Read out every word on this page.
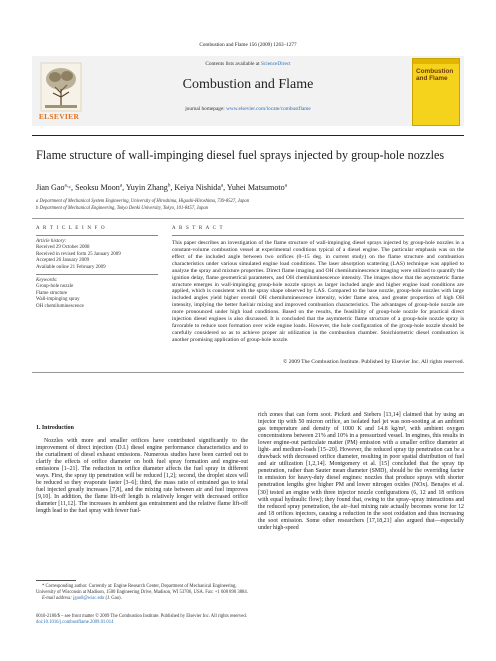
Combustion and Flame 156 (2009) 1263–1277
ELSEVIER
Contents lists available at ScienceDirect
Combustion and Flame
journal homepage: www.elsevier.com/locate/combustflame
Combustion and Flame
Flame structure of wall-impinging diesel fuel sprays injected by group-hole nozzles
Jian Gao$^{a,}$*, Seoksu Moon$^a$, Yuyin Zhang$^b$, Keiya Nishida$^a$, Yuhei Matsumoto$^a$
a Department of Mechanical System Engineering, University of Hiroshima, Higashi-Hiroshima, 739-8527, Japan
b Department of Mechanical Engineering, Tokyo Denki University, Tokyo, 101-8457, Japan
A R T I C L E I N F O	A B S T R A C T
Article history:
Received 29 October 2008
Received in revised form 25 January 2009
Accepted 26 January 2009
Available online 21 February 2009
Keywords:
Group-hole nozzle
Flame structure
Wall-impinging spray
OH chemiluminescence
This paper describes an investigation of the flame structure of wall-impinging diesel sprays injected by group-hole nozzles in a constant-volume combustion vessel at experimental conditions typical of a diesel engine. The particular emphasis was on the effect of the included angle between two orifices (0–15 deg. in current study) on the flame structure and combustion characteristics under various simulated engine load conditions. The laser absorption scattering (LAS) technique was applied to analyze the spray and mixture properties. Direct flame imaging and OH chemiluminescence imaging were utilized to quantify the ignition delay, flame geometrical parameters, and OH chemiluminescence intensity. The images show that the asymmetric flame structure emerges in wall-impinging group-hole nozzle sprays as larger included angle and higher engine load conditions are applied, which is consistent with the spray shape observed by LAS. Compared to the base nozzle, group-hole nozzles with large included angles yield higher overall OH chemiluminescence intensity, wider flame area, and greater proportion of high OH intensity, implying the better fuel/air mixing and improved combustion characteristics. The advantages of group-hole nozzle are more pronounced under high load conditions. Based on the results, the feasibility of group-hole nozzle for practical direct injection diesel engines is also discussed. It is concluded that the asymmetric flame structure of a group-hole nozzle spray is favorable to reduce soot formation over wide engine loads. However, the hole configuration of the group-hole nozzle should be carefully considered so as to achieve proper air utilization in the combustion chamber. Stoichiometric diesel combustion is another promising application of group-hole nozzle.
© 2009 The Combustion Institute. Published by Elsevier Inc. All rights reserved.
1. Introduction
Nozzles with more and smaller orifices have contributed significantly to the improvement of direct injection (D.I.) diesel engine performance characteristics and to the curtailment of diesel exhaust emissions. Numerous studies have been carried out to clarify the effects of orifice diameter on both fuel spray formation and engine-out emissions [1–21]. The reduction in orifice diameter affects the fuel spray in different ways. First, the spray tip penetration will be reduced [1,2]; second, the droplet sizes will be reduced so they evaporate faster [3–6]; third, the mass ratio of entrained gas to total fuel injected greatly increases [7,8], and the mixing rate between air and fuel improves [9,10]. In addition, the flame lift-off length is relatively longer with decreased orifice diameter [11,12]. The increases in ambient gas entrainment and the relative flame lift-off length lead to the fuel spray with fewer fuel-
rich zones that can form soot. Pickett and Siebers [13,14] claimed that by using an injector tip with 50 micron orifice, an isolated fuel jet was non-sooting at an ambient gas temperature and density of 1000 K and 14.8 kg/m³, with ambient oxygen concentrations between 21% and 10% in a pressurized vessel. In engines, this results in lower engine-out particulate matter (PM) emission with a smaller orifice diameter at light- and medium-loads [15–20]. However, the reduced spray tip penetration can be a drawback with decreased orifice diameter, resulting in poor spatial distribution of fuel and air utilization [1,2,14]. Montgomery et al. [15] concluded that the spray tip penetration, rather than Sauter mean diameter (SMD), should be the overriding factor in emission for heavy-duty diesel engines: nozzles that produce sprays with shorter penetration lengths give higher PM and lower nitrogen oxides (NOx). Benajes et al. [30] tested an engine with three injector nozzle configurations (6, 12 and 18 orifices with equal hydraulic flow); they found that, owing to the spray–spray interactions and the reduced spray penetration, the air–fuel mixing rate actually becomes worse for 12 and 18 orifices injectors, causing a reduction in the soot oxidation and thus increasing the soot emission. Some other researchers [17,18,21] also argued that—especially under high-speed
* Corresponding author. Currently at: Engine Research Center, Department of Mechanical Engineering, University of Wisconsin at Madison, 1500 Engineering Drive, Madison, WI 53706, USA. Fax: +1 608 890 3884.
E-mail address: jgao8@wisc.edu (J. Gao).
0010-2180/$ – see front matter © 2009 The Combustion Institute. Published by Elsevier Inc. All rights reserved.
doi:10.1016/j.combustflame.2009.01.014
